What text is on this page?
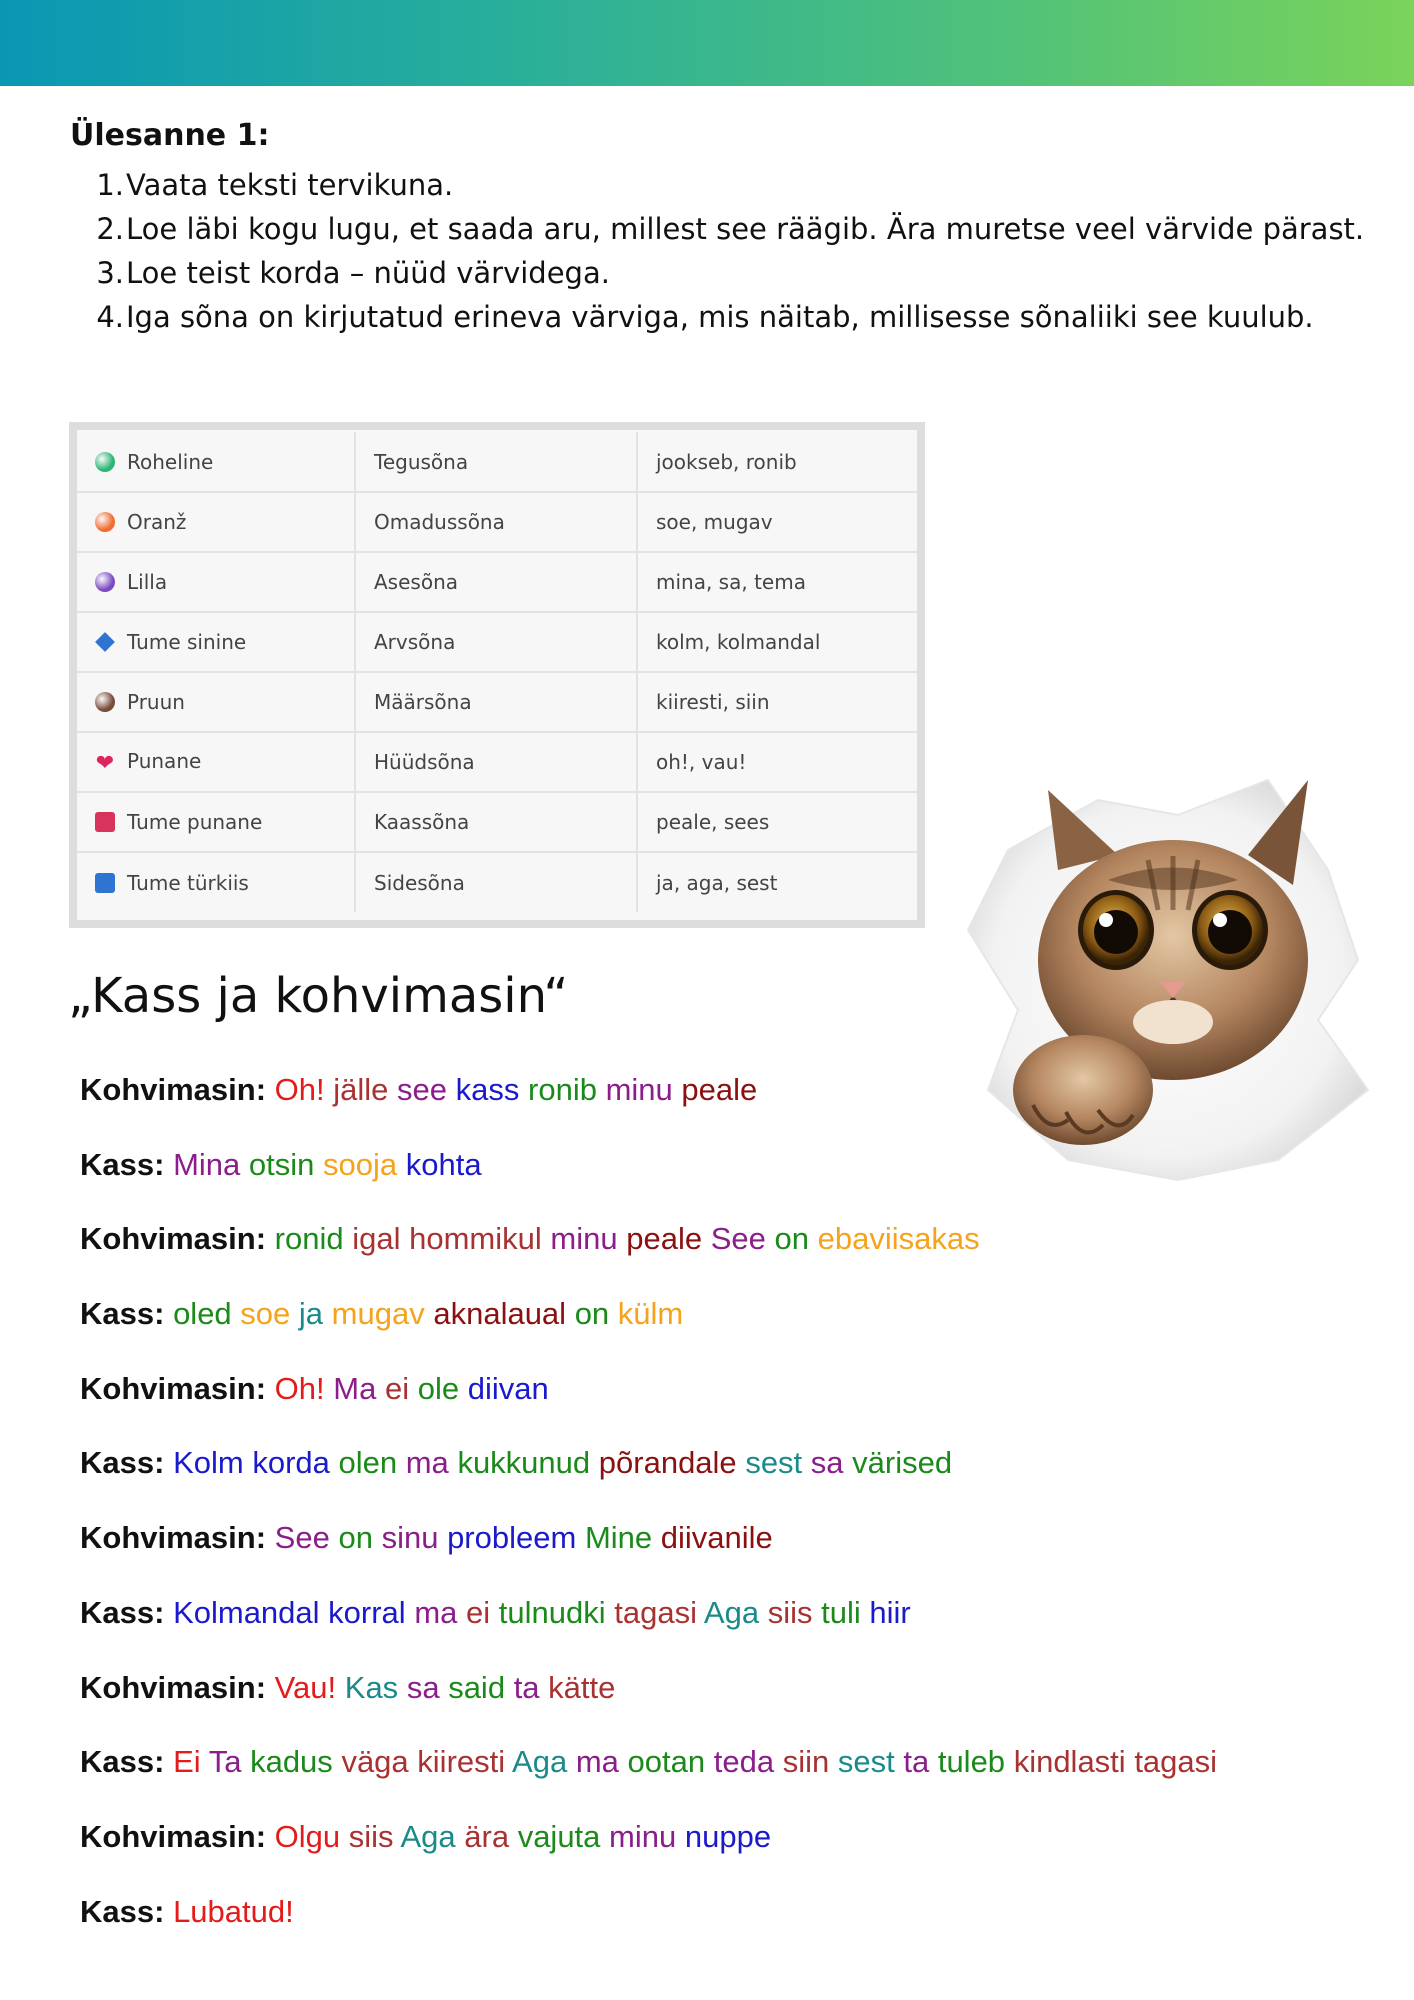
Ülesanne 1:
1. Vaata teksti tervikuna.
2. Loe läbi kogu lugu, et saada aru, millest see räägib. Ära muretse veel värvide pärast.
3. Loe teist korda – nüüd värvidega.
4. Iga sõna on kirjutatud erineva värviga, mis näitab, millisesse sõnaliiki see kuulub.
Roheline	Tegusõna	jookseb, ronib
Oranž	Omadussõna	soe, mugav
Lilla	Asesõna	mina, sa, tema
Tume sinine	Arvsõna	kolm, kolmandal
Pruun	Määrsõna	kiiresti, siin
❤ Punane	Hüüdsõna	oh!, vau!
Tume punane	Kaassõna	peale, sees
Tume türkiis	Sidesõna	ja, aga, sest
„Kass ja kohvimasin“
Kohvimasin: Oh! jälle see kass ronib minu peale
Kass: Mina otsin sooja kohta
Kohvimasin: ronid igal hommikul minu peale See on ebaviisakas
Kass: oled soe ja mugav aknalaual on külm
Kohvimasin: Oh! Ma ei ole diivan
Kass: Kolm korda olen ma kukkunud põrandale sest sa värised
Kohvimasin: See on sinu probleem Mine diivanile
Kass: Kolmandal korral ma ei tulnudki tagasi Aga siis tuli hiir
Kohvimasin: Vau! Kas sa said ta kätte
Kass: Ei Ta kadus väga kiiresti Aga ma ootan teda siin sest ta tuleb kindlasti tagasi
Kohvimasin: Olgu siis Aga ära vajuta minu nuppe
Kass: Lubatud!
